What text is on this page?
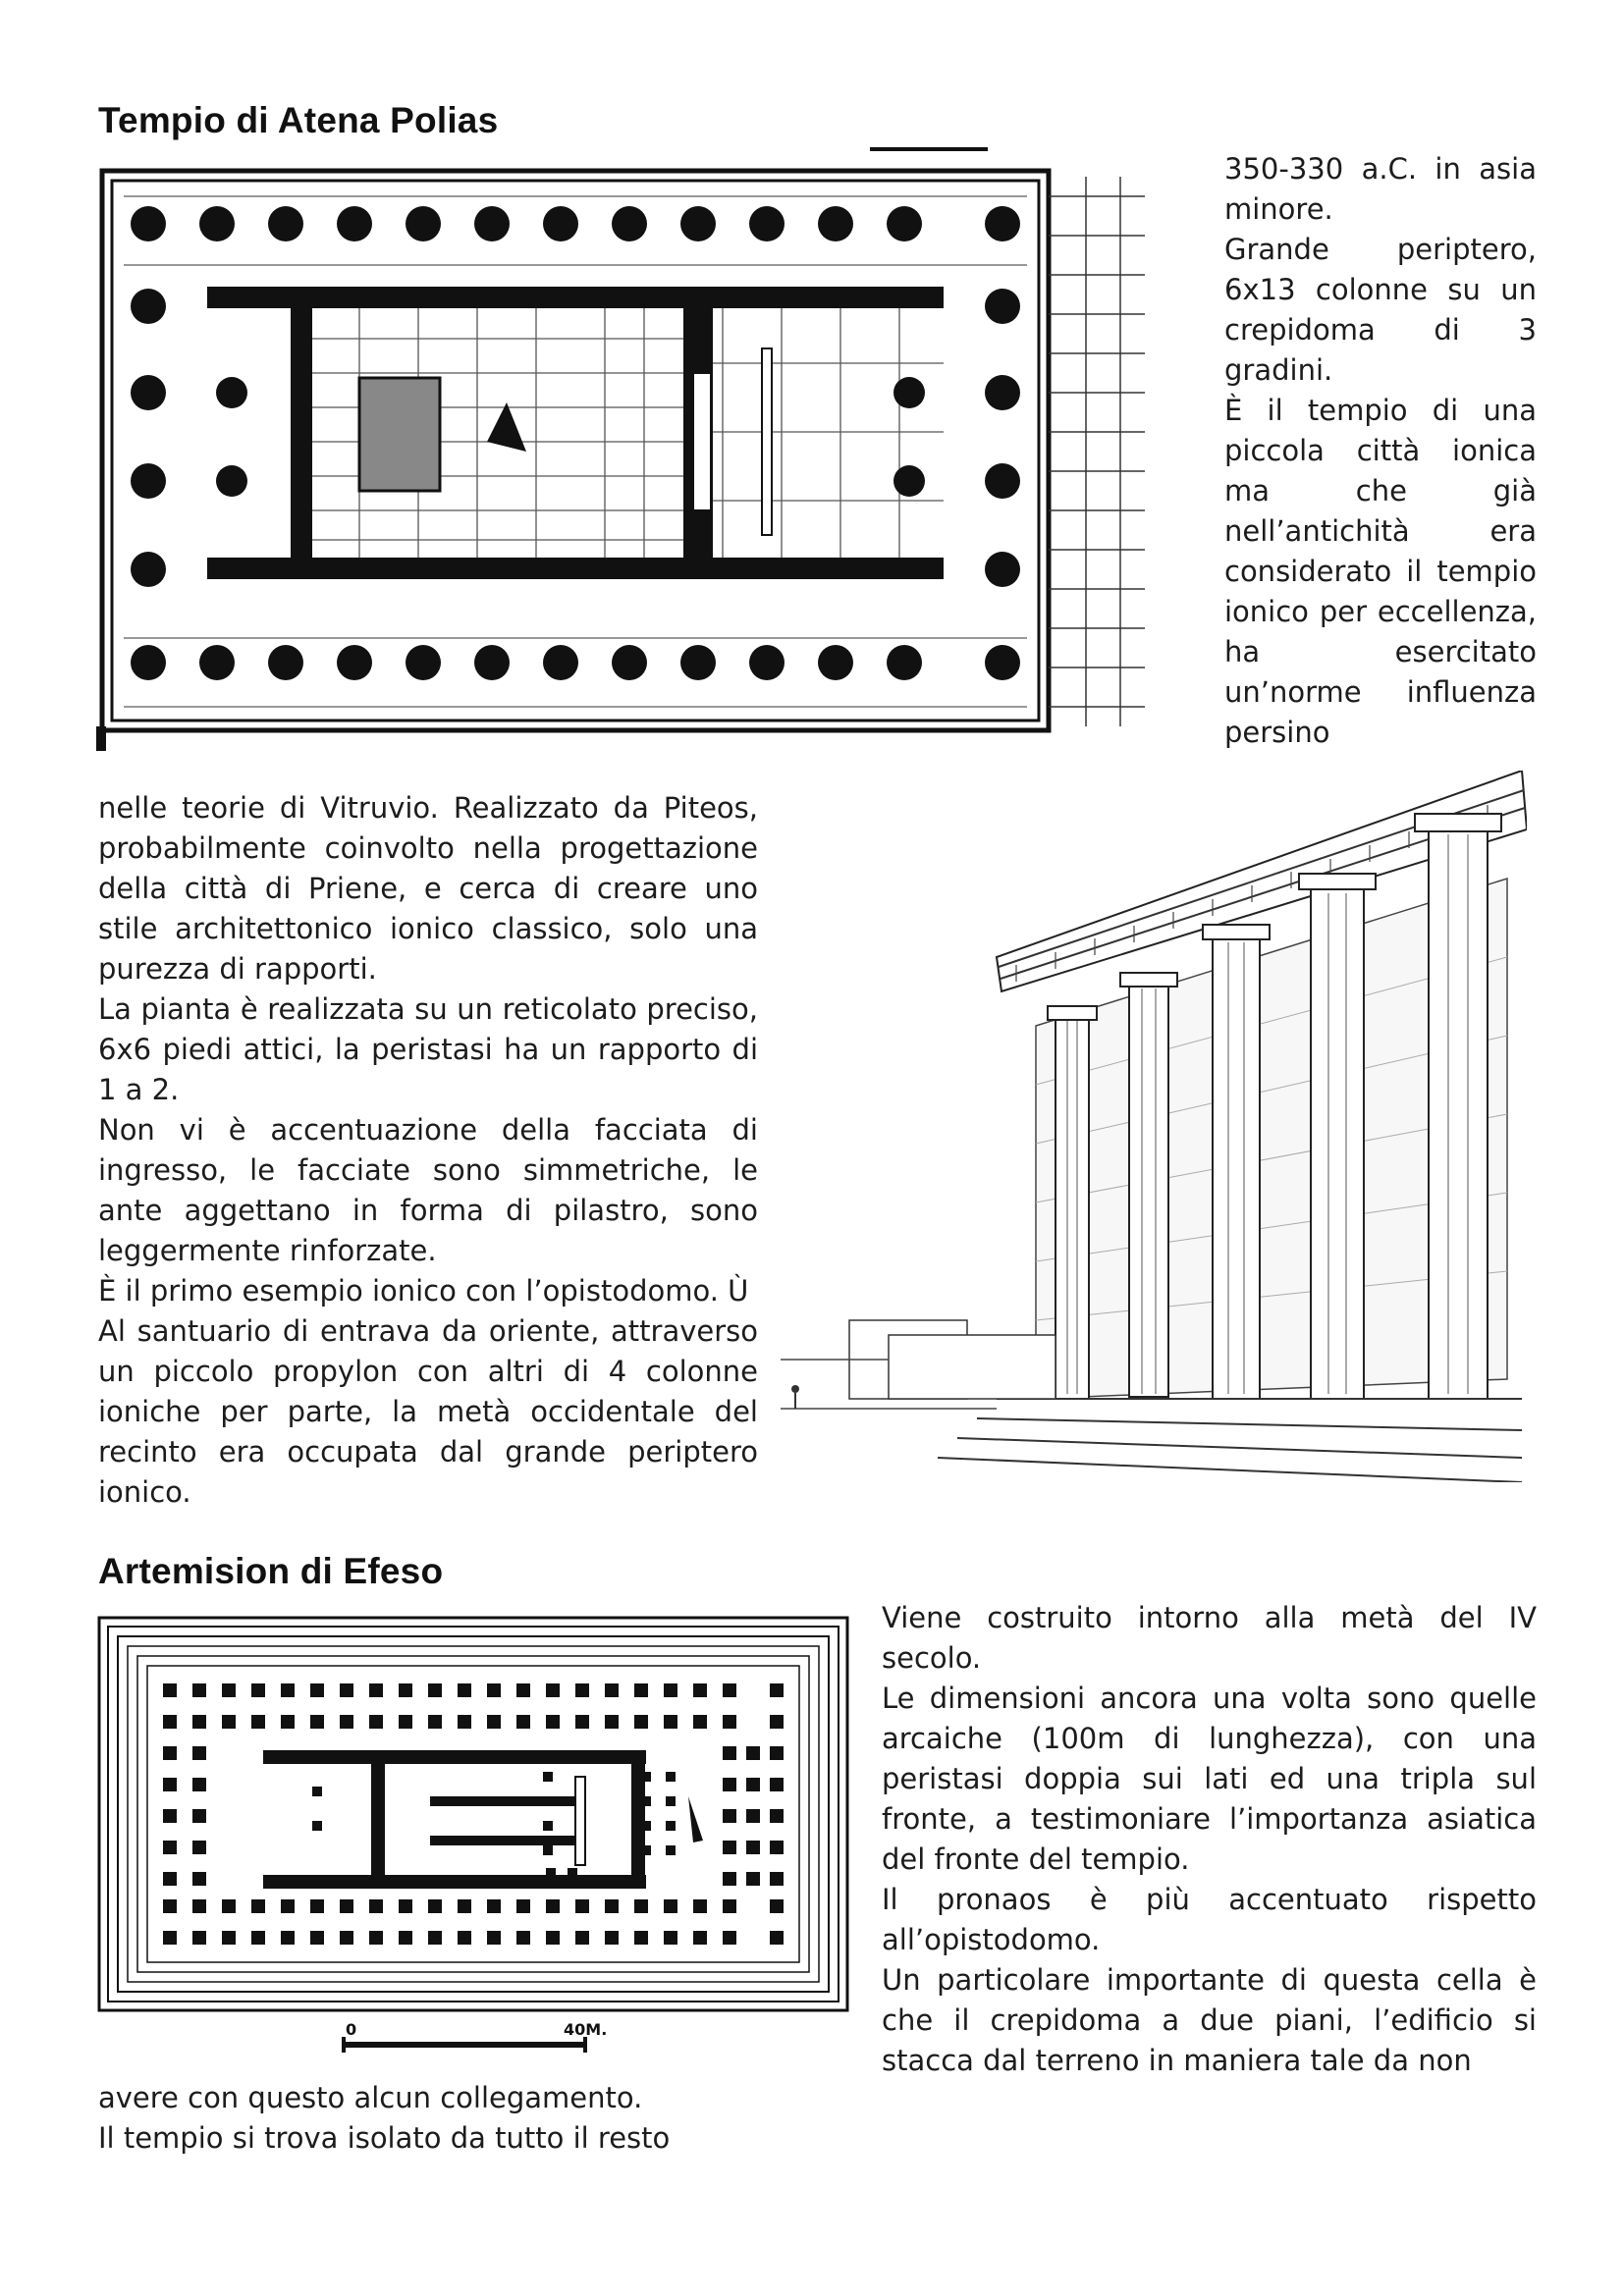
Tempio di Atena Polias

350-330 a.C. in asia minore.

Grande periptero, 6x13 colonne su un crepidoma di 3 gradini.

È il tempio di una piccola città ionica ma che già nell’antichità era considerato il tempio ionico per eccellenza, ha esercitato un’norme influenza persino

nelle teorie di Vitruvio. Realizzato da Piteos, probabilmente coinvolto nella progettazione della città di Priene, e cerca di creare uno stile architettonico ionico classico, solo una purezza di rapporti.

La pianta è realizzata su un reticolato preciso, 6x6 piedi attici, la peristasi ha un rapporto di 1 a 2.

Non vi è accentuazione della facciata di ingresso, le facciate sono simmetriche, le ante aggettano in forma di pilastro, sono leggermente rinforzate.

È il primo esempio ionico con l’opistodomo. Ù

Al santuario di entrava da oriente, attraverso un piccolo propylon con altri di 4 colonne ioniche per parte, la metà occidentale del recinto era occupata dal grande periptero ionico.

Artemision di Efeso
0	40M.

Viene costruito intorno alla metà del IV secolo.

Le dimensioni ancora una volta sono quelle arcaiche (100m di lunghezza), con una peristasi doppia sui lati ed una tripla sul fronte, a testimoniare l’importanza asiatica del fronte del tempio.

Il pronaos è più accentuato rispetto all’opistodomo.

Un particolare importante di questa cella è che il crepidoma a due piani, l’edificio si stacca dal terreno in maniera tale da non

avere con questo alcun collegamento.

Il tempio si trova isolato da tutto il resto
